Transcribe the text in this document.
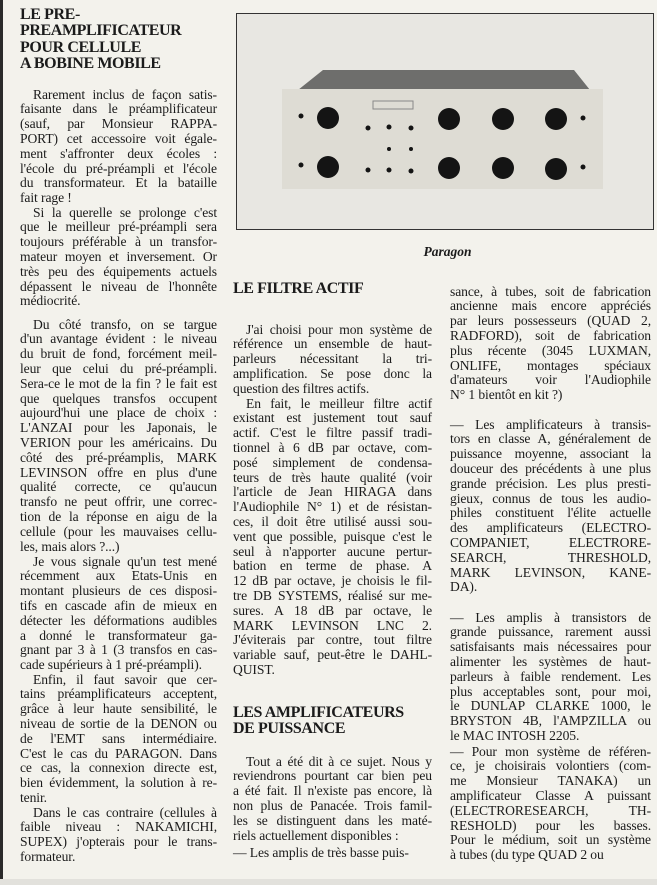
LE PRE-
PREAMPLIFICATEUR
POUR CELLULE
A BOBINE MOBILE
Rarement inclus de façon satis-
faisante dans le préamplificateur
(sauf, par Monsieur RAPPA-
PORT) cet accessoire voit égale-
ment s'affronter deux écoles :
l'école du pré-préampli et l'école
du transformateur. Et la bataille
fait rage !
Si la querelle se prolonge c'est
que le meilleur pré-préampli sera
toujours préférable à un transfor-
mateur moyen et inversement. Or
très peu des équipements actuels
dépassent le niveau de l'honnête
médiocrité.
Du côté transfo, on se targue
d'un avantage évident : le niveau
du bruit de fond, forcément meil-
leur que celui du pré-préampli.
Sera-ce le mot de la fin ? le fait est
que quelques transfos occupent
aujourd'hui une place de choix :
L'ANZAI pour les Japonais, le
VERION pour les américains. Du
côté des pré-préamplis, MARK
LEVINSON offre en plus d'une
qualité correcte, ce qu'aucun
transfo ne peut offrir, une correc-
tion de la réponse en aigu de la
cellule (pour les mauvaises cellu-
les, mais alors ?...)
Je vous signale qu'un test mené
récemment aux Etats-Unis en
montant plusieurs de ces disposi-
tifs en cascade afin de mieux en
détecter les déformations audibles
a donné le transformateur ga-
gnant par 3 à 1 (3 transfos en cas-
cade supérieurs à 1 pré-préampli).
Enfin, il faut savoir que cer-
tains préamplificateurs acceptent,
grâce à leur haute sensibilité, le
niveau de sortie de la DENON ou
de l'EMT sans intermédiaire.
C'est le cas du PARAGON. Dans
ce cas, la connexion directe est,
bien évidemment, la solution à re-
tenir.
Dans le cas contraire (cellules à
faible niveau : NAKAMICHI,
SUPEX) j'opterais pour le trans-
formateur.
LE FILTRE ACTIF
J'ai choisi pour mon système de
référence un ensemble de haut-
parleurs nécessitant la tri-
amplification. Se pose donc la
question des filtres actifs.
En fait, le meilleur filtre actif
existant est justement tout sauf
actif. C'est le filtre passif tradi-
tionnel à 6 dB par octave, com-
posé simplement de condensa-
teurs de très haute qualité (voir
l'article de Jean HIRAGA dans
l'Audiophile N° 1) et de résistan-
ces, il doit être utilisé aussi sou-
vent que possible, puisque c'est le
seul à n'apporter aucune pertur-
bation en terme de phase. A
12 dB par octave, je choisis le fil-
tre DB SYSTEMS, réalisé sur me-
sures. A 18 dB par octave, le
MARK LEVINSON LNC 2.
J'éviterais par contre, tout filtre
variable sauf, peut-être le DAHL-
QUIST.
LES AMPLIFICATEURS
DE PUISSANCE
Tout a été dit à ce sujet. Nous y
reviendrons pourtant car bien peu
a été fait. Il n'existe pas encore, là
non plus de Panacée. Trois famil-
les se distinguent dans les maté-
riels actuellement disponibles :
— Les amplis de très basse puis-
sance, à tubes, soit de fabrication
ancienne mais encore appréciés
par leurs possesseurs (QUAD 2,
RADFORD), soit de fabrication
plus récente (3045 LUXMAN,
ONLIFE, montages spéciaux
d'amateurs voir l'Audiophile
N° 1 bientôt en kit ?)
— Les amplificateurs à transis-
tors en classe A, généralement de
puissance moyenne, associant la
douceur des précédents à une plus
grande précision. Les plus presti-
gieux, connus de tous les audio-
philes constituent l'élite actuelle
des amplificateurs (ELECTRO-
COMPANIET, ELECTRORE-
SEARCH, THRESHOLD,
MARK LEVINSON, KANE-
DA).
— Les amplis à transistors de
grande puissance, rarement aussi
satisfaisants mais nécessaires pour
alimenter les systèmes de haut-
parleurs à faible rendement. Les
plus acceptables sont, pour moi,
le DUNLAP CLARKE 1000, le
BRYSTON 4B, l'AMPZILLA ou
le MAC INTOSH 2205.
— Pour mon système de référen-
ce, je choisirais volontiers (com-
me Monsieur TANAKA) un
amplificateur Classe A puissant
(ELECTRORESEARCH, TH-
RESHOLD) pour les basses.
Pour le médium, soit un système
à tubes (du type QUAD 2 ou
Paragon
